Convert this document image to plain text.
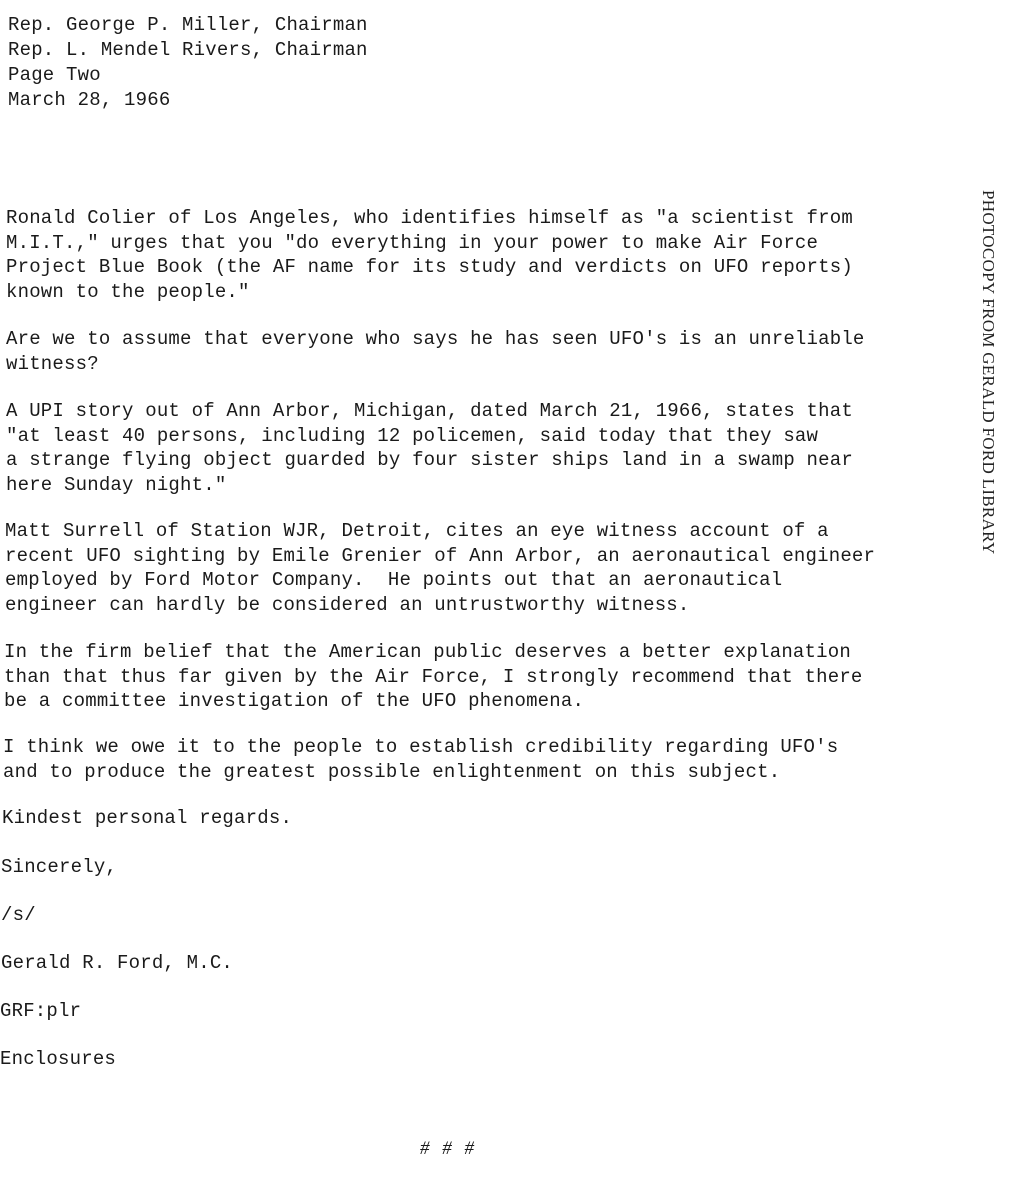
Rep. George P. Miller, Chairman
Rep. L. Mendel Rivers, Chairman
Page Two
March 28, 1966
Ronald Colier of Los Angeles, who identifies himself as "a scientist from
M.I.T.," urges that you "do everything in your power to make Air Force
Project Blue Book (the AF name for its study and verdicts on UFO reports)
known to the people."
Are we to assume that everyone who says he has seen UFO's is an unreliable
witness?
A UPI story out of Ann Arbor, Michigan, dated March 21, 1966, states that
"at least 40 persons, including 12 policemen, said today that they saw
a strange flying object guarded by four sister ships land in a swamp near
here Sunday night."
Matt Surrell of Station WJR, Detroit, cites an eye witness account of a
recent UFO sighting by Emile Grenier of Ann Arbor, an aeronautical engineer
employed by Ford Motor Company.  He points out that an aeronautical
engineer can hardly be considered an untrustworthy witness.
In the firm belief that the American public deserves a better explanation
than that thus far given by the Air Force, I strongly recommend that there
be a committee investigation of the UFO phenomena.
I think we owe it to the people to establish credibility regarding UFO's
and to produce the greatest possible enlightenment on this subject.
Kindest personal regards.
Sincerely,
/s/
Gerald R. Ford, M.C.
GRF:plr
Enclosures
# # #
PHOTOCOPY FROM GERALD FORD LIBRARY
